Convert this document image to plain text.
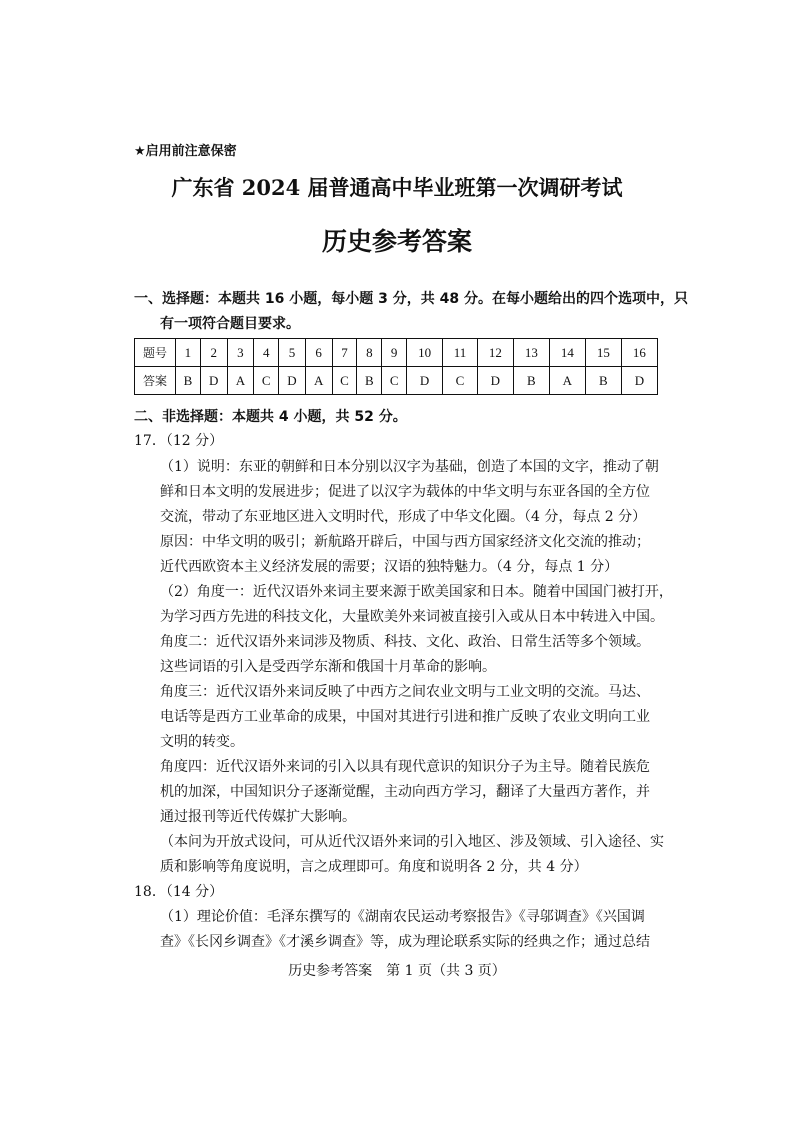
★启用前注意保密
广东省 2024 届普通高中毕业班第一次调研考试
历史参考答案
一、选择题：本题共 16 小题，每小题 3 分，共 48 分。在每小题给出的四个选项中，只
有一项符合题目要求。
题号	1	2	3	4	5	6	7	8	9	10	11	12	13	14	15	16
答案	B	D	A	C	D	A	C	B	C	D	C	D	B	A	B	D
二、非选择题：本题共 4 小题，共 52 分。
17．（12 分）
（1）说明：东亚的朝鲜和日本分别以汉字为基础，创造了本国的文字，推动了朝
鲜和日本文明的发展进步；促进了以汉字为载体的中华文明与东亚各国的全方位
交流，带动了东亚地区进入文明时代，形成了中华文化圈。（4 分，每点 2 分）
原因：中华文明的吸引；新航路开辟后，中国与西方国家经济文化交流的推动；
近代西欧资本主义经济发展的需要；汉语的独特魅力。（4 分，每点 1 分）
（2）角度一：近代汉语外来词主要来源于欧美国家和日本。随着中国国门被打开，
为学习西方先进的科技文化，大量欧美外来词被直接引入或从日本中转进入中国。
角度二：近代汉语外来词涉及物质、科技、文化、政治、日常生活等多个领域。
这些词语的引入是受西学东渐和俄国十月革命的影响。
角度三：近代汉语外来词反映了中西方之间农业文明与工业文明的交流。马达、
电话等是西方工业革命的成果，中国对其进行引进和推广反映了农业文明向工业
文明的转变。
角度四：近代汉语外来词的引入以具有现代意识的知识分子为主导。随着民族危
机的加深，中国知识分子逐渐觉醒，主动向西方学习，翻译了大量西方著作，并
通过报刊等近代传媒扩大影响。
（本问为开放式设问，可从近代汉语外来词的引入地区、涉及领域、引入途径、实
质和影响等角度说明，言之成理即可。角度和说明各 2 分，共 4 分）
18．（14 分）
（1）理论价值：毛泽东撰写的《湖南农民运动考察报告》《寻邬调查》《兴国调
查》《长冈乡调查》《才溪乡调查》等，成为理论联系实际的经典之作；通过总结
历史参考答案　第 1 页（共 3 页）
